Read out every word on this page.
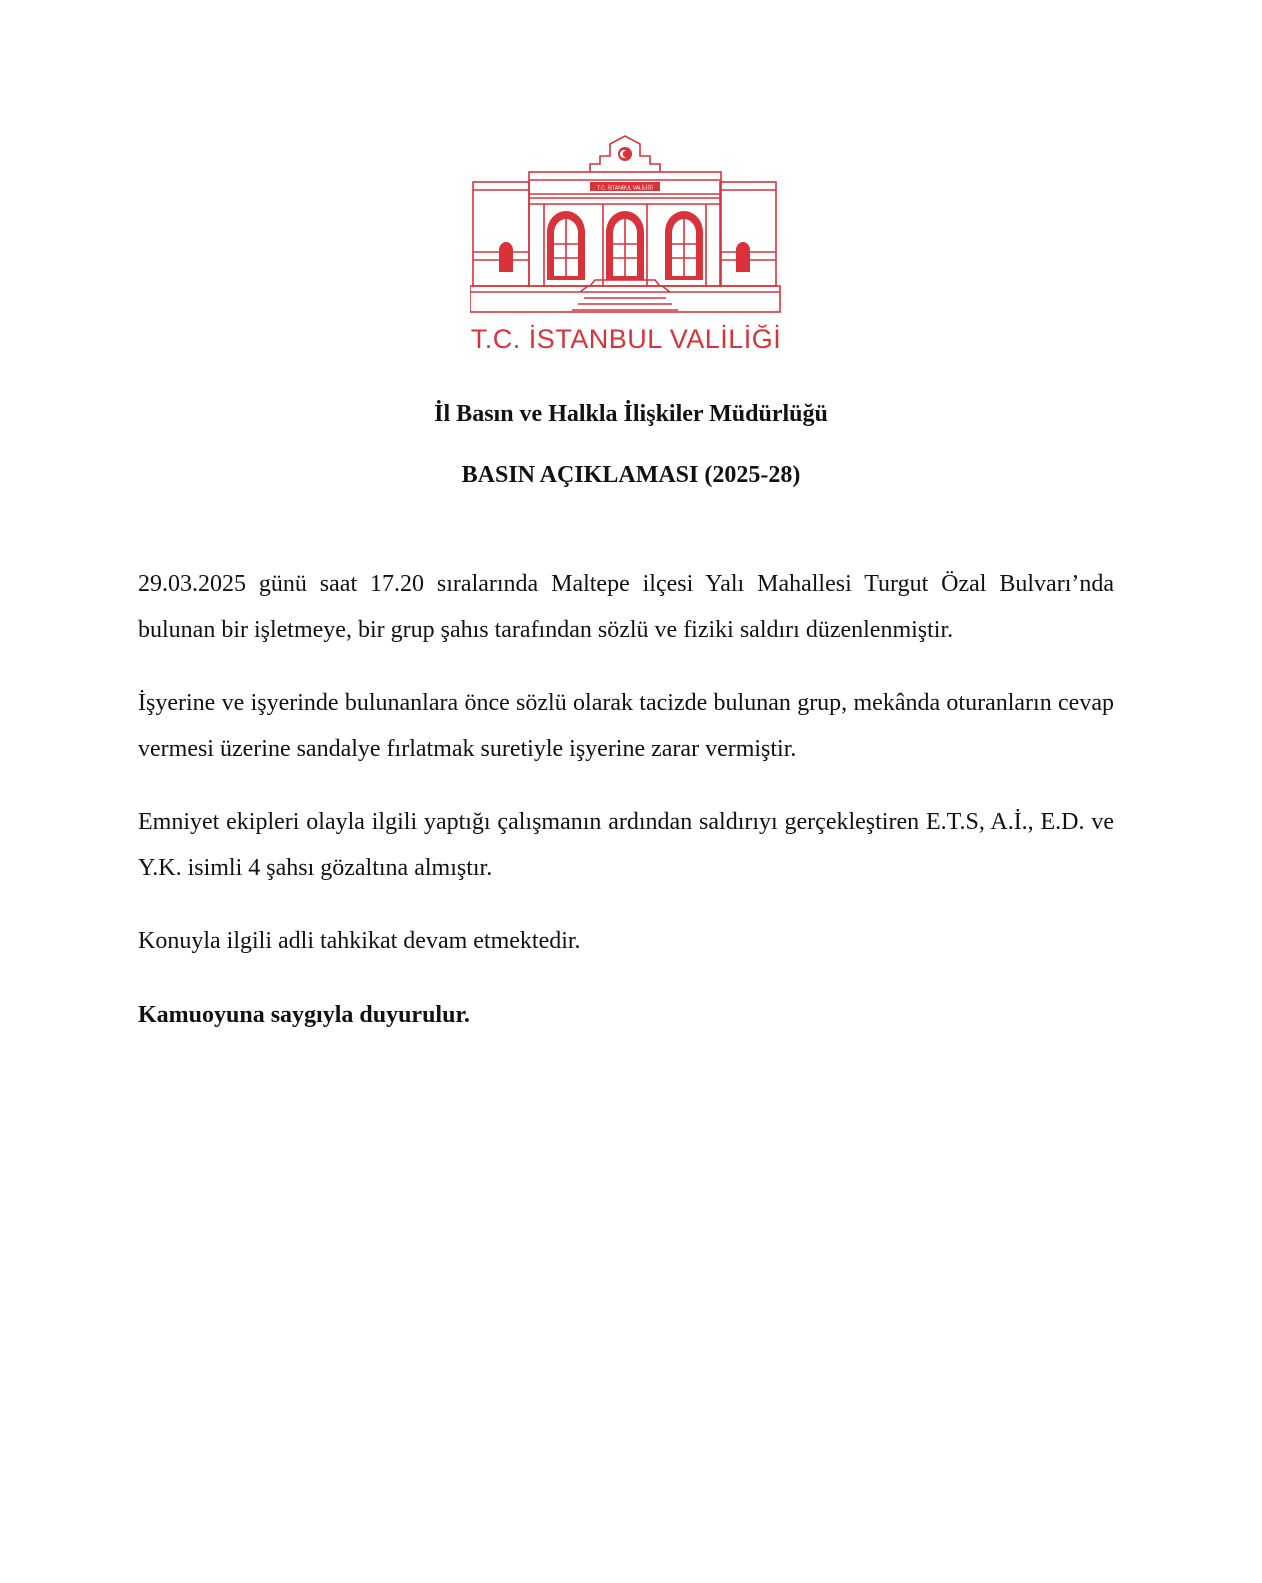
T.C. İSTANBUL VALİLİĞİ
T.C. İSTANBUL VALİLİĞİ
İl Basın ve Halkla İlişkiler Müdürlüğü
BASIN AÇIKLAMASI (2025-28)

29.03.2025 günü saat 17.20 sıralarında Maltepe ilçesi Yalı Mahallesi Turgut Özal Bulvarı’nda bulunan bir işletmeye, bir grup şahıs tarafından sözlü ve fiziki saldırı düzenlenmiştir.

İşyerine ve işyerinde bulunanlara önce sözlü olarak tacizde bulunan grup, mekânda oturanların cevap vermesi üzerine sandalye fırlatmak suretiyle işyerine zarar vermiştir.

Emniyet ekipleri olayla ilgili yaptığı çalışmanın ardından saldırıyı gerçekleştiren E.T.S, A.İ., E.D. ve Y.K. isimli 4 şahsı gözaltına almıştır.

Konuyla ilgili adli tahkikat devam etmektedir.

Kamuoyuna saygıyla duyurulur.
